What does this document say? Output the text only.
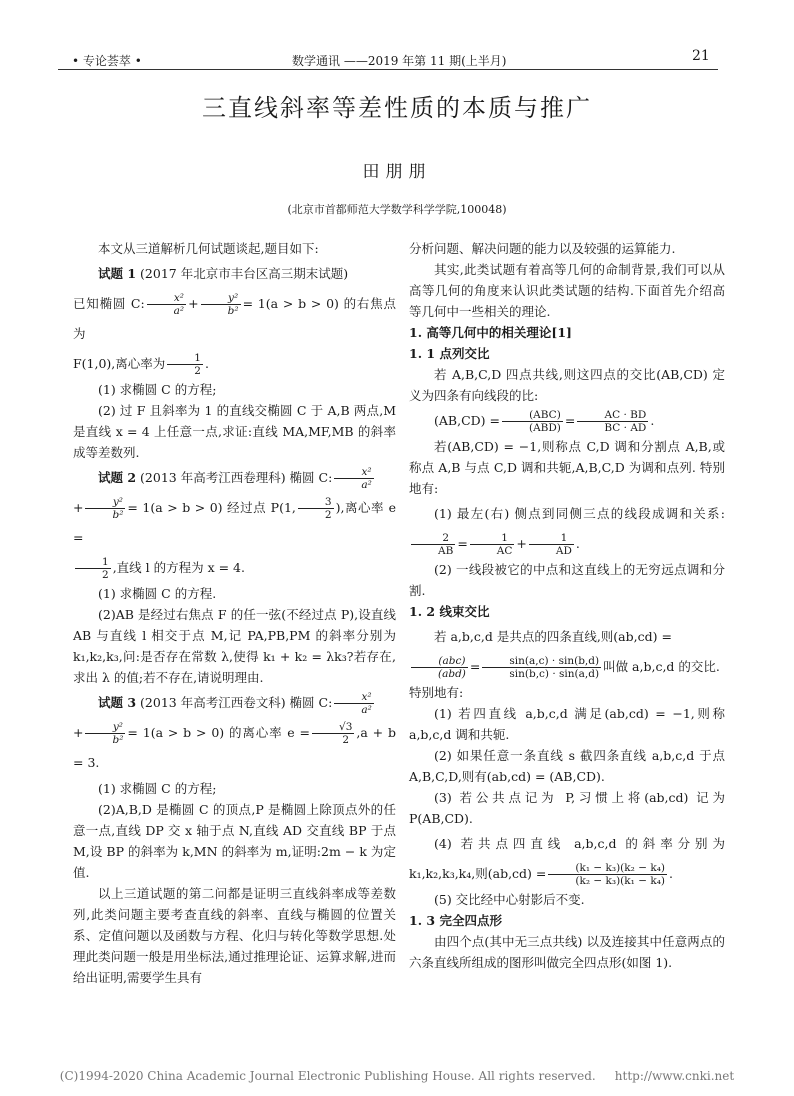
• 专论荟萃 •	数学通讯 ——2019 年第 11 期(上半月)	21
三直线斜率等差性质的本质与推广
田朋朋
(北京市首都师范大学数学科学学院,100048)

本文从三道解析几何试题谈起,题目如下:

试题 1 (2017 年北京市丰台区高三期末试题)
已知椭圆 C: $\frac{\text{x²}}{\text{a²}} + \frac{\text{y²}}{\text{b²}} = 1(a > b > 0)$ 的右焦点为
F(1,0),离心率为 $\frac{1}{2}$ .

(1) 求椭圆 C 的方程;

(2) 过 F 且斜率为 1 的直线交椭圆 C 于 A,B 两点,M 是直线 x = 4 上任意一点,求证:直线 MA,MF,MB 的斜率成等差数列.

试题 2 (2013 年高考江西卷理科) 椭圆 C: $\frac{\text{x²}}{\text{a²}}$

+ $\frac{\text{y²}}{\text{b²}} = 1(a > b > 0)$ 经过点 P(1, $\frac{3}{2}$ ),离心率 e =

$\frac{1}{2}$ ,直线 l 的方程为 x = 4.

(1) 求椭圆 C 的方程.

(2)AB 是经过右焦点 F 的任一弦(不经过点 P),设直线 AB 与直线 l 相交于点 M,记 PA,PB,PM 的斜率分别为 k₁,k₂,k₃,问:是否存在常数 λ,使得 k₁ + k₂ = λk₃?若存在,求出 λ 的值;若不存在,请说明理由.

试题 3 (2013 年高考江西卷文科) 椭圆 C: $\frac{\text{x²}}{\text{a²}}$

+ $\frac{\text{y²}}{\text{b²}} = 1(a > b > 0)$ 的离心率 $e = \frac{√3}{2} ,a + b = 3$.

(1) 求椭圆 C 的方程;

(2)A,B,D 是椭圆 C 的顶点,P 是椭圆上除顶点外的任意一点,直线 DP 交 x 轴于点 N,直线 AD 交直线 BP 于点 M,设 BP 的斜率为 k,MN 的斜率为 m,证明:2m − k 为定值.

以上三道试题的第二问都是证明三直线斜率成等差数列,此类问题主要考查直线的斜率、直线与椭圆的位置关系、定值问题以及函数与方程、化归与转化等数学思想.处理此类问题一般是用坐标法,通过推理论证、运算求解,进而给出证明,需要学生具有

分析问题、解决问题的能力以及较强的运算能力.

其实,此类试题有着高等几何的命制背景,我们可以从高等几何的角度来认识此类试题的结构.下面首先介绍高等几何中一些相关的理论.

1. 高等几何中的相关理论[1]

1. 1 点列交比

若 A,B,C,D 四点共线,则这四点的交比(AB,CD) 定义为四条有向线段的比:

$(AB,CD) = \frac{\text{(ABC)}}{\text{(ABD)}} = \frac{AC \cdot BD}{BC \cdot AD}$ .

若(AB,CD) = −1,则称点 C,D 调和分割点 A,B,或称点 A,B 与点 C,D 调和共轭,A,B,C,D 为调和点列. 特别地有:

(1) 最左(右) 侧点到同侧三点的线段成调和关系:
$\frac{2}{AB} = \frac{1}{AC} + \frac{1}{AD}$ .

(2) 一线段被它的中点和这直线上的无穷远点调和分割.

1. 2 线束交比

若 a,b,c,d 是共点的四条直线,则(ab,cd) =

$\frac{\text{(abc)}}{\text{(abd)}} = \frac{\sin(a,c) \cdot \sin(b,d)}{\sin(b,c) \cdot \sin(a,d)}$ 叫做 a,b,c,d 的交比.

特别地有:

(1) 若四直线 a,b,c,d 满足(ab,cd) = −1,则称 a,b,c,d 调和共轭.

(2) 如果任意一条直线 s 截四条直线 a,b,c,d 于点 A,B,C,D,则有(ab,cd) = (AB,CD).

(3) 若公共点记为 P,习惯上将(ab,cd) 记为 P(AB,CD).

(4) 若共点四直线 a,b,c,d 的斜率分别为 k₁,k₂,k₃,k₄,则$(ab,cd) = \frac{\text{(k₁ − k₃)(k₂ − k₄)}}{\text{(k₂ − k₃)(k₁ − k₄)}}$ .

(5) 交比经中心射影后不变.

1. 3 完全四点形

由四个点(其中无三点共线) 以及连接其中任意两点的六条直线所组成的图形叫做完全四点形(如图 1).

(C)1994-2020 China Academic Journal Electronic Publishing House. All rights reserved. http://www.cnki.net
